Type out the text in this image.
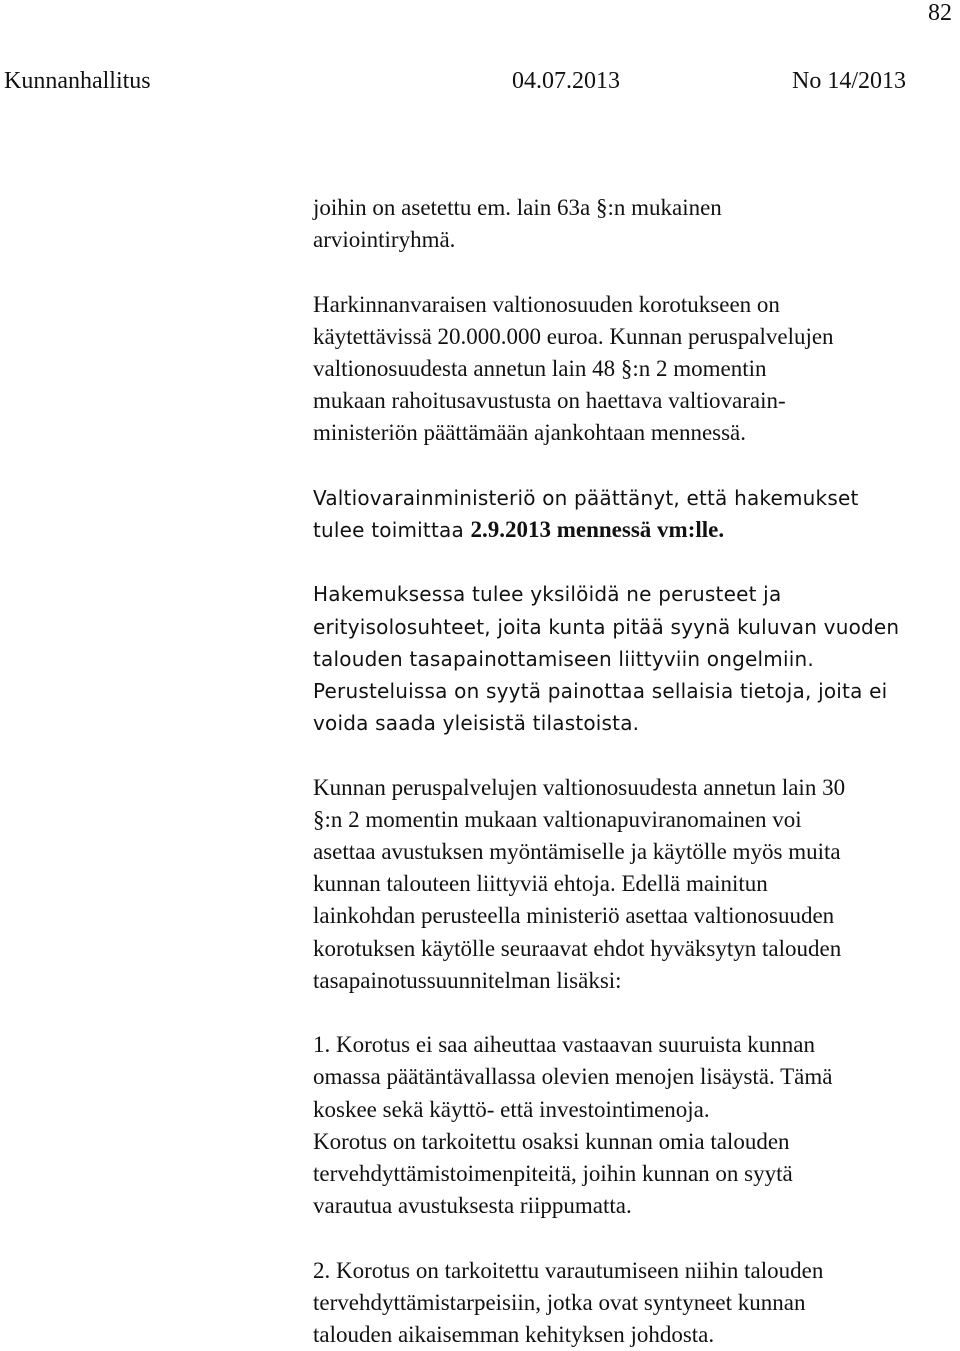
82
Kunnanhallitus	04.07.2013	No 14/2013
joihin on asetettu em. lain 63a §:n mukainen
arviointiryhmä.
Harkinnanvaraisen valtionosuuden korotukseen on
käytettävissä 20.000.000 euroa. Kunnan peruspalvelujen
valtionosuudesta annetun lain 48 §:n 2 momentin
mukaan rahoitusavustusta on haettava valtiovarain-
ministeriön päättämään ajankohtaan mennessä.
Valtiovarainministeriö on päättänyt, että hakemukset
tulee toimittaa 2.9.2013 mennessä vm:lle.
Hakemuksessa tulee yksilöidä ne perusteet ja
erityisolosuhteet, joita kunta pitää syynä kuluvan vuoden
talouden tasapainottamiseen liittyviin ongelmiin.
Perusteluissa on syytä painottaa sellaisia tietoja, joita ei
voida saada yleisistä tilastoista.
Kunnan peruspalvelujen valtionosuudesta annetun lain 30
§:n 2 momentin mukaan valtionapuviranomainen voi
asettaa avustuksen myöntämiselle ja käytölle myös muita
kunnan talouteen liittyviä ehtoja. Edellä mainitun
lainkohdan perusteella ministeriö asettaa valtionosuuden
korotuksen käytölle seuraavat ehdot hyväksytyn talouden
tasapainotussuunnitelman lisäksi:
1. Korotus ei saa aiheuttaa vastaavan suuruista kunnan
omassa päätäntävallassa olevien menojen lisäystä. Tämä
koskee sekä käyttö- että investointimenoja.
Korotus on tarkoitettu osaksi kunnan omia talouden
tervehdyttämistoimenpiteitä, joihin kunnan on syytä
varautua avustuksesta riippumatta.
2. Korotus on tarkoitettu varautumiseen niihin talouden
tervehdyttämistarpeisiin, jotka ovat syntyneet kunnan
talouden aikaisemman kehityksen johdosta.
